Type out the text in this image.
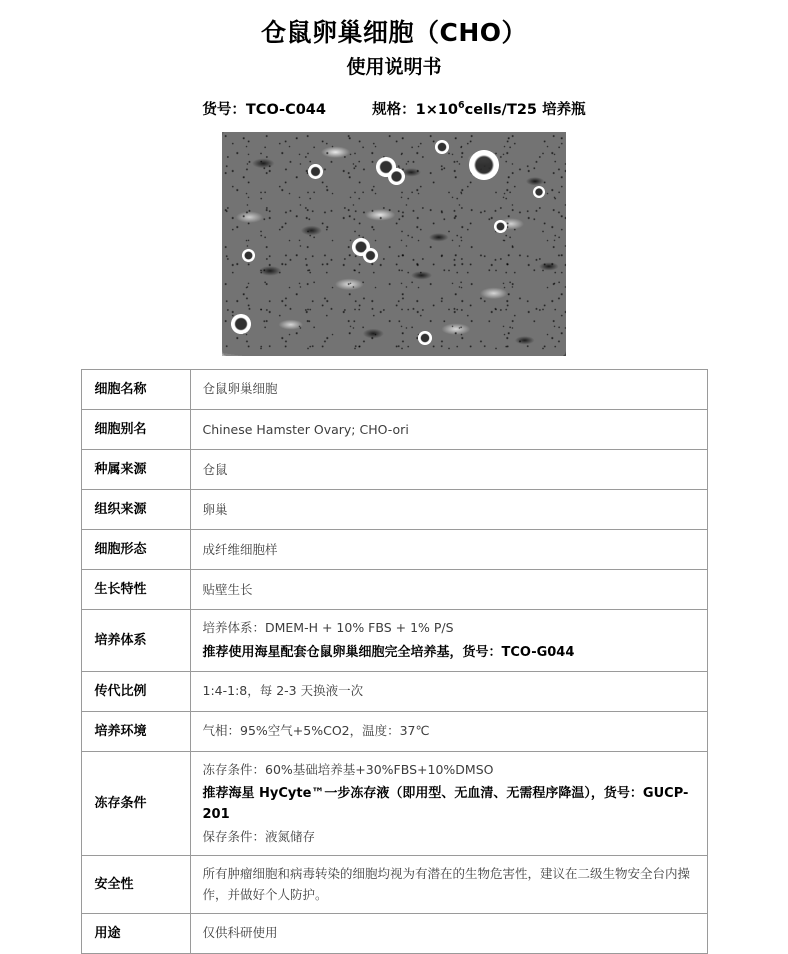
仓鼠卵巢细胞（CHO）
使用说明书

货号：TCO-C044	规格：$1\times 10^6cells/T25$ 培养瓶

细胞名称	仓鼠卵巢细胞

细胞别名	Chinese Hamster Ovary; CHO-ori

种属来源	仓鼠

组织来源	卵巢

细胞形态	成纤维细胞样

生长特性	贴壁生长

培养体系	培养体系：DMEM-H + 10% FBS + 1% P/S
推荐使用海星配套仓鼠卵巢细胞完全培养基，货号：TCO-G044

传代比例	1:4-1:8，每 2-3 天换液一次

培养环境	气相：95%空气+5%CO2，温度：37℃

冻存条件	冻存条件：60%基础培养基+30%FBS+10%DMSO
推荐海星 HyCyte™一步冻存液（即用型、无血清、无需程序降温），货号：GUCP-201
保存条件：液氮储存

安全性	所有肿瘤细胞和病毒转染的细胞均视为有潜在的生物危害性，建议在二级生物安全台内操作，并做好个人防护。

用途	仅供科研使用
